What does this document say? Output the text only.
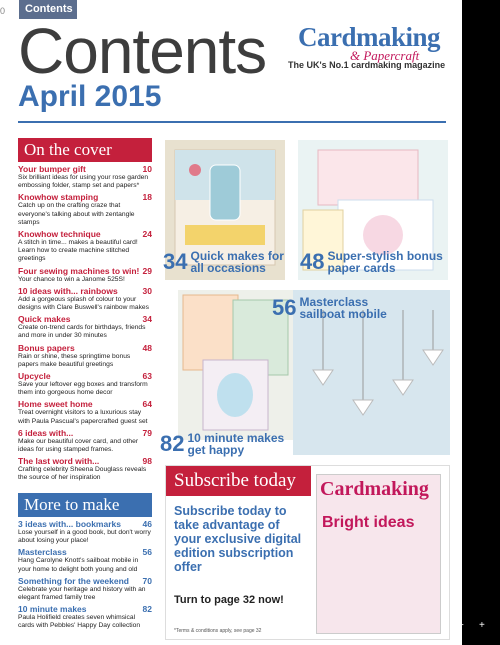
0	Contents
Contents Cardmaking
& Papercraft
The UK's No.1 cardmaking magazine
April 2015
On the cover
Your bumper gift	10
Six brilliant ideas for using your rose garden embossing folder, stamp set and papers*
Knowhow stamping	18
Catch up on the crafting craze that everyone's talking about with zentangle stamps
Knowhow technique	24
A stitch in time... makes a beautiful card! Learn how to create machine stitched greetings
Four sewing machines to win! 29
Your chance to win a Janome 525S!
10 ideas with... rainbows	30
Add a gorgeous splash of colour to your designs with Clare Buswell's rainbow makes
Quick makes	34
Create on-trend cards for birthdays, friends and more in under 30 minutes
Bonus papers	48
Rain or shine, these springtime bonus papers make beautiful greetings
Upcycle	63
Save your leftover egg boxes and transform them into gorgeous home decor
Home sweet home	64
Treat overnight visitors to a luxurious stay with Paula Pascual's papercrafted guest set
6 ideas with...	79
Make our beautiful cover card, and other ideas for using stamped frames.
The last word with...	98
Crafting celebrity Sheena Douglass reveals the source of her inspiration
More to make
3 ideas with... bookmarks	46
Lose yourself in a good book, but don't worry about losing your place!
Masterclass	56
Hang Carolyne Knott's sailboat mobile in your home to delight both young and old
Something for the weekend 70
Celebrate your heritage and history with an elegant framed family tree
10 minute makes	82
Paula Holifield creates seven whimsical cards with Pebbles' Happy Day collection
34 Quick makes for all occasions	48 Super-stylish bonus paper cards
82 10 minute makes get happy
56 Masterclass sailboat mobile
Subscribe today
Subscribe today to take advantage of your exclusive digital edition subscription offer
Turn to page 32 now!
*Terms & conditions apply, see page 32
Cardmaking
Bright ideas
−	+
